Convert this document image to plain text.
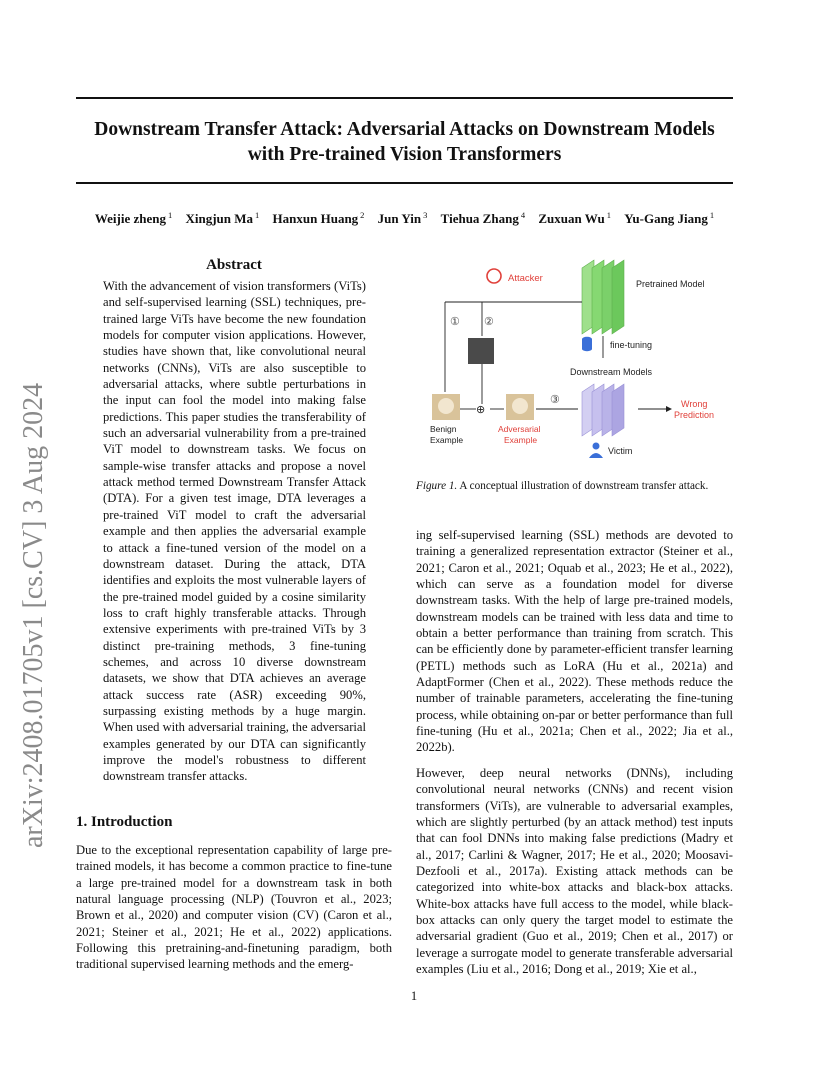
Downstream Transfer Attack: Adversarial Attacks on Downstream Models with Pre-trained Vision Transformers
Weijie zheng $^1$ Xingjun Ma $^1$ Hanxun Huang $^2$ Jun Yin $^3$ Tiehua Zhang $^4$ Zuxuan Wu $^1$ Yu-Gang Jiang $^1$
arXiv:2408.01705v1 [cs.CV] 3 Aug 2024
Abstract
With the advancement of vision transformers (ViTs) and self-supervised learning (SSL) techniques, pre-trained large ViTs have become the new foundation models for computer vision applications. However, studies have shown that, like convolutional neural networks (CNNs), ViTs are also susceptible to adversarial attacks, where subtle perturbations in the input can fool the model into making false predictions. This paper studies the transferability of such an adversarial vulnerability from a pre-trained ViT model to downstream tasks. We focus on sample-wise transfer attacks and propose a novel attack method termed Downstream Transfer Attack (DTA). For a given test image, DTA leverages a pre-trained ViT model to craft the adversarial example and then applies the adversarial example to attack a fine-tuned version of the model on a downstream dataset. During the attack, DTA identifies and exploits the most vulnerable layers of the pre-trained model guided by a cosine similarity loss to craft highly transferable attacks. Through extensive experiments with pre-trained ViTs by 3 distinct pre-training methods, 3 fine-tuning schemes, and across 10 diverse downstream datasets, we show that DTA achieves an average attack success rate (ASR) exceeding 90%, surpassing existing methods by a huge margin. When used with adversarial training, the adversarial examples generated by our DTA can significantly improve the model's robustness to different downstream transfer attacks.
1. Introduction
Due to the exceptional representation capability of large pre-trained models, it has become a common practice to fine-tune a large pre-trained model for a downstream task in both natural language processing (NLP) (Touvron et al., 2023; Brown et al., 2020) and computer vision (CV) (Caron et al., 2021; Steiner et al., 2021; He et al., 2022) applications. Following this pretraining-and-finetuning paradigm, both traditional supervised learning methods and the emerg-
Attacker	Pretrained Model
① ②
Benign
Example
⊕
Adversarial
Example
③
fine-tuning
Downstream Models
Wrong
Prediction
Victim
Figure 1. A conceptual illustration of downstream transfer attack.
ing self-supervised learning (SSL) methods are devoted to training a generalized representation extractor (Steiner et al., 2021; Caron et al., 2021; Oquab et al., 2023; He et al., 2022), which can serve as a foundation model for diverse downstream tasks. With the help of large pre-trained models, downstream models can be trained with less data and time to obtain a better performance than training from scratch. This can be efficiently done by parameter-efficient transfer learning (PETL) methods such as LoRA (Hu et al., 2021a) and AdaptFormer (Chen et al., 2022). These methods reduce the number of trainable parameters, accelerating the fine-tuning process, while obtaining on-par or better performance than full fine-tuning (Hu et al., 2021a; Chen et al., 2022; Jia et al., 2022b).
However, deep neural networks (DNNs), including convolutional neural networks (CNNs) and recent vision transformers (ViTs), are vulnerable to adversarial examples, which are slightly perturbed (by an attack method) test inputs that can fool DNNs into making false predictions (Madry et al., 2017; Carlini & Wagner, 2017; He et al., 2020; Moosavi-Dezfooli et al., 2017a). Existing attack methods can be categorized into white-box attacks and black-box attacks. White-box attacks have full access to the model, while black-box attacks can only query the target model to estimate the adversarial gradient (Guo et al., 2019; Chen et al., 2017) or leverage a surrogate model to generate transferable adversarial examples (Liu et al., 2016; Dong et al., 2019; Xie et al.,
1
